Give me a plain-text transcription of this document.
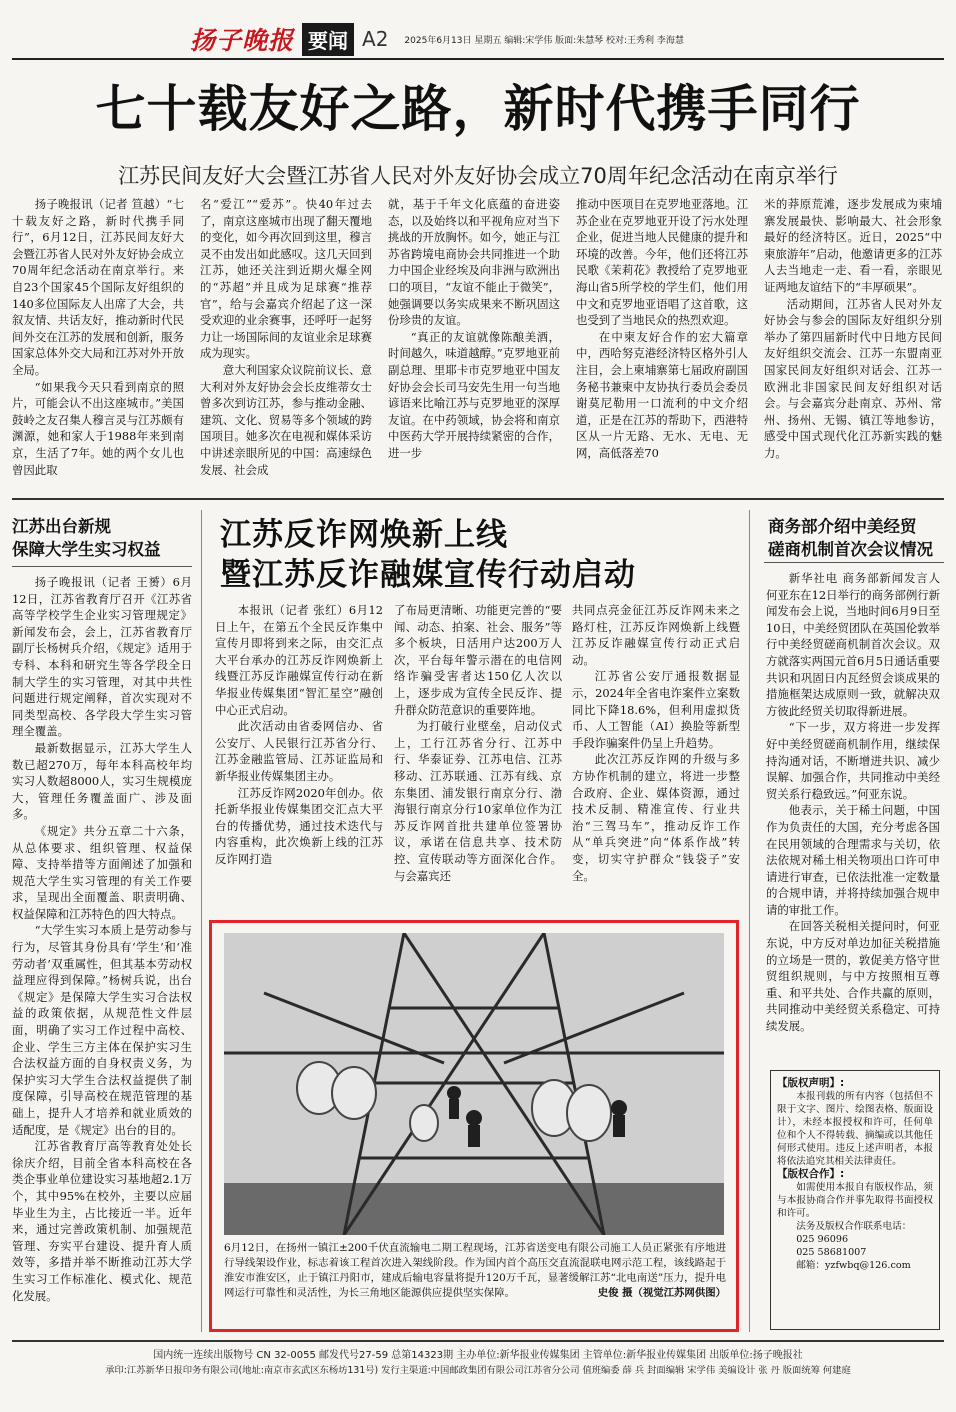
扬子晚报 要闻 A2 2025年6月13日 星期五 编辑:宋学伟 版面:朱慧琴 校对:王秀利 李海慧
七十载友好之路，新时代携手同行
江苏民间友好大会暨江苏省人民对外友好协会成立70周年纪念活动在南京举行

扬子晚报讯（记者 笪越）“七十载友好之路，新时代携手同行”，6月12日，江苏民间友好大会暨江苏省人民对外友好协会成立70周年纪念活动在南京举行。来自23个国家45个国际友好组织的140多位国际友人出席了大会，共叙友情、共话友好，推动新时代民间外交在江苏的发展和创新，服务国家总体外交大局和江苏对外开放全局。

“如果我今天只看到南京的照片，可能会认不出这座城市。”美国鼓岭之友召集人穆言灵与江苏颇有渊源，她和家人于1988年来到南京，生活了7年。她的两个女儿也曾因此取

名“爱江”“爱苏”。快40年过去了，南京这座城市出现了翻天覆地的变化，如今再次回到这里，穆言灵不由发出如此感叹。这几天回到江苏，她还关注到近期火爆全网的“苏超”并且成为足球赛“推荐官”，给与会嘉宾介绍起了这一深受欢迎的业余赛事，还呼吁一起努力让一场国际间的友谊业余足球赛成为现实。

意大利国家众议院前议长、意大利对外友好协会会长皮维蒂女士曾多次到访江苏，参与推动金融、建筑、文化、贸易等多个领域的跨国项目。她多次在电视和媒体采访中讲述亲眼所见的中国：高速绿色发展、社会成

就，基于千年文化底蕴的奋进姿态，以及始终以和平视角应对当下挑战的开放胸怀。如今，她正与江苏省跨境电商协会共同推进一个助力中国企业经埃及向非洲与欧洲出口的项目，“友谊不能止于微笑”，她强调要以务实成果来不断巩固这份珍贵的友谊。

“真正的友谊就像陈酿美酒，时间越久，味道越醇。”克罗地亚前副总理、里耶卡市克罗地亚中国友好协会会长司马安先生用一句当地谚语来比喻江苏与克罗地亚的深厚友谊。在中药领域，协会将和南京中医药大学开展持续紧密的合作，进一步

推动中医项目在克罗地亚落地。江苏企业在克罗地亚开设了污水处理企业，促进当地人民健康的提升和环境的改善。今年，他们还将江苏民歌《茉莉花》教授给了克罗地亚海山省5所学校的学生们，他们用中文和克罗地亚语唱了这首歌，这也受到了当地民众的热烈欢迎。

在中柬友好合作的宏大篇章中，西哈努克港经济特区格外引人注目，会上柬埔寨第七届政府副国务秘书兼柬中友协执行委员会委员谢莫尼勒用一口流利的中文介绍道，正是在江苏的帮助下，西港特区从一片无路、无水、无电、无网，高低落差70

米的莽原荒滩，逐步发展成为柬埔寨发展最快、影响最大、社会形象最好的经济特区。近日，2025“中柬旅游年”启动，他邀请更多的江苏人去当地走一走、看一看，亲眼见证两地友谊结下的“丰厚硕果”。

活动期间，江苏省人民对外友好协会与参会的国际友好组织分别举办了第四届新时代中日地方民间友好组织交流会、江苏一东盟南亚国家民间友好组织对话会、江苏一欧洲北非国家民间友好组织对话会。与会嘉宾分赴南京、苏州、常州、扬州、无锡、镇江等地参访，感受中国式现代化江苏新实践的魅力。

江苏出台新规
保障大学生实习权益

扬子晚报讯（记者 王赟）6月12日，江苏省教育厅召开《江苏省高等学校学生企业实习管理规定》新闻发布会，会上，江苏省教育厅副厅长杨树兵介绍，《规定》适用于专科、本科和研究生等各学段全日制大学生的实习管理，对其中共性问题进行规定阐释，首次实现对不同类型高校、各学段大学生实习管理全覆盖。

最新数据显示，江苏大学生人数已超270万，每年本科高校年均实习人数超8000人，实习生规模庞大，管理任务覆盖面广、涉及面多。

《规定》共分五章二十六条，从总体要求、组织管理、权益保障、支持举措等方面阐述了加强和规范大学生实习管理的有关工作要求，呈现出全面覆盖、职责明确、权益保障和江苏特色的四大特点。

“大学生实习本质上是劳动参与行为，尽管其身份具有‘学生’和‘准劳动者’双重属性，但其基本劳动权益理应得到保障。”杨树兵说，出台《规定》是保障大学生实习合法权益的政策依据，从规范性文件层面，明确了实习工作过程中高校、企业、学生三方主体在保护实习生合法权益方面的自身权责义务，为保护实习大学生合法权益提供了制度保障，引导高校在规范管理的基础上，提升人才培养和就业质效的适配度，是《规定》出台的目的。

江苏省教育厅高等教育处处长徐庆介绍，目前全省本科高校在各类企事业单位建设实习基地超2.1万个，其中95%在校外，主要以应届毕业生为主，占比接近一半。近年来，通过完善政策机制、加强规范管理、夯实平台建设、提升育人质效等，多措并举不断推动江苏大学生实习工作标准化、模式化、规范化发展。

江苏反诈网焕新上线
暨江苏反诈融媒宣传行动启动

本报讯（记者 张红）6月12日上午，在第五个全民反诈集中宣传月即将到来之际，由交汇点大平台承办的江苏反诈网焕新上线暨江苏反诈融媒宣传行动在新华报业传媒集团“智汇星空”融创中心正式启动。

此次活动由省委网信办、省公安厅、人民银行江苏省分行、江苏金融监管局、江苏证监局和新华报业传媒集团主办。

江苏反诈网2020年创办。依托新华报业传媒集团交汇点大平台的传播优势，通过技术迭代与内容重构，此次焕新上线的江苏反诈网打造

了布局更清晰、功能更完善的“要闻、动态、拍案、社会、服务”等多个板块，日活用户达200万人次，平台每年警示潜在的电信网络诈骗受害者达150亿人次以上，逐步成为宣传全民反诈、提升群众防范意识的重要阵地。

为打破行业壁垒，启动仪式上，工行江苏省分行、江苏中行、华泰证券、江苏电信、江苏移动、江苏联通、江苏有线、京东集团、浦发银行南京分行、渤海银行南京分行10家单位作为江苏反诈网首批共建单位签署协议，承诺在信息共享、技术防控、宣传联动等方面深化合作。与会嘉宾还

共同点亮金征江苏反诈网未来之路灯柱，江苏反诈网焕新上线暨江苏反诈融媒宣传行动正式启动。

江苏省公安厅通报数据显示，2024年全省电诈案件立案数同比下降18.6%，但利用虚拟货币、人工智能（AI）换脸等新型手段诈骗案件仍呈上升趋势。

此次江苏反诈网的升级与多方协作机制的建立，将进一步整合政府、企业、媒体资源，通过技术反制、精准宣传、行业共治“三驾马车”，推动反诈工作从“单兵突进”向“体系作战”转变，切实守护群众“钱袋子”安全。

6月12日，在扬州一镇江±200千伏直流输电二期工程现场，江苏省送变电有限公司施工人员正紧张有序地进行导线架设作业，标志着该工程首次进入架线阶段。作为国内首个高压交直流混联电网示范工程，该线路起于淮安市淮安区，止于镇江丹阳市，建成后输电容量将提升120万千瓦，显著缓解江苏“北电南送”压力，提升电网运行可靠性和灵活性，为长三角地区能源供应提供坚实保障。	史俊 摄（视觉江苏网供图）
商务部介绍中美经贸
磋商机制首次会议情况

新华社电 商务部新闻发言人何亚东在12日举行的商务部例行新闻发布会上说，当地时间6月9日至10日，中美经贸团队在英国伦敦举行中美经贸磋商机制首次会议。双方就落实两国元首6月5日通话重要共识和巩固日内瓦经贸会谈成果的措施框架达成原则一致，就解决双方彼此经贸关切取得新进展。

“下一步，双方将进一步发挥好中美经贸磋商机制作用，继续保持沟通对话，不断增进共识、减少误解、加强合作，共同推动中美经贸关系行稳致远。”何亚东说。

他表示，关于稀土问题，中国作为负责任的大国，充分考虑各国在民用领域的合理需求与关切，依法依规对稀土相关物项出口许可申请进行审查，已依法批准一定数量的合规申请，并将持续加强合规申请的审批工作。

在回答关税相关提问时，何亚东说，中方反对单边加征关税措施的立场是一贯的，敦促美方恪守世贸组织规则，与中方按照相互尊重、和平共处、合作共赢的原则，共同推动中美经贸关系稳定、可持续发展。

【版权声明】:

本报刊载的所有内容（包括但不限于文字、图片、绘图表格、版面设计），未经本报授权和许可，任何单位和个人不得转载、摘编或以其他任何形式使用。违反上述声明者，本报将依法追究其相关法律责任。

【版权合作】:

如需使用本报自有版权作品，须与本报协商合作并事先取得书面授权和许可。

法务及版权合作联系电话：

025 96096
025 58681007
邮箱：yzfwbq@126.com
国内统一连续出版物号 CN 32-0055 邮发代号27-59 总第14323期 主办单位:新华报业传媒集团 主管单位:新华报业传媒集团 出版单位:扬子晚报社
承印:江苏新华日报印务有限公司(地址:南京市玄武区东杨坊131号) 发行主渠道:中国邮政集团有限公司江苏省分公司 值班编委 薛 兵 封面编辑 宋学伟 美编设计 张 丹 版面统筹 何建庭
